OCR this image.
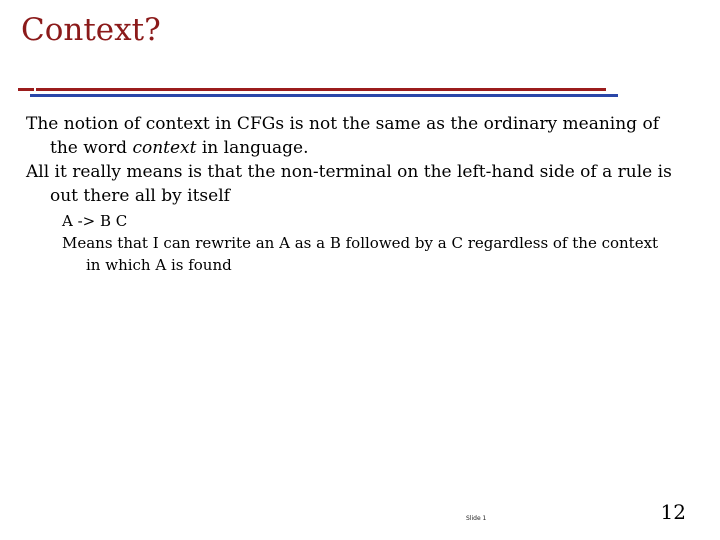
Context?

The notion of context in CFGs is not the same as the ordinary meaning of the word context in language.

All it really means is that the non-terminal on the left-hand side of a rule is out there all by itself

A -> B C

Means that I can rewrite an A as a B followed by a C regardless of the context in which A is found

Slide 1	12
